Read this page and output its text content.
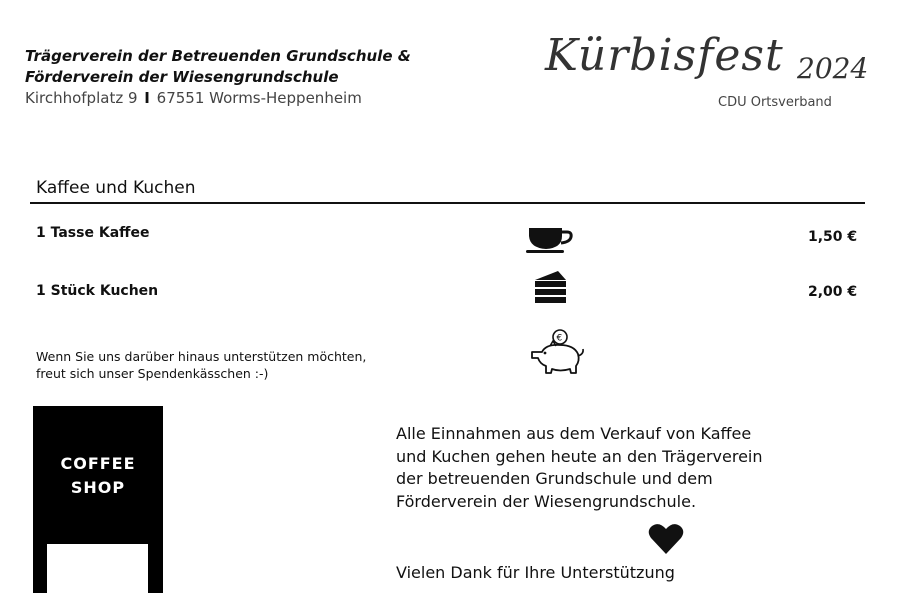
Trägerverein der Betreuenden Grundschule &
Förderverein der Wiesengrundschule
Kirchhofplatz 9 I 67551 Worms-Heppenheim
Kürbisfest 2024
CDU Ortsverband
Kaffee und Kuchen
1 Tasse Kaffee	1,50 €
1 Stück Kuchen	2,00 €
Wenn Sie uns darüber hinaus unterstützen möchten,
freut sich unser Spendenkässchen :-)
€
COFFEE
SHOP
Alle Einnahmen aus dem Verkauf von Kaffee und Kuchen gehen heute an den Trägerverein der betreuenden Grundschule und dem Förderverein der Wiesengrundschule.
Vielen Dank für Ihre Unterstützung
